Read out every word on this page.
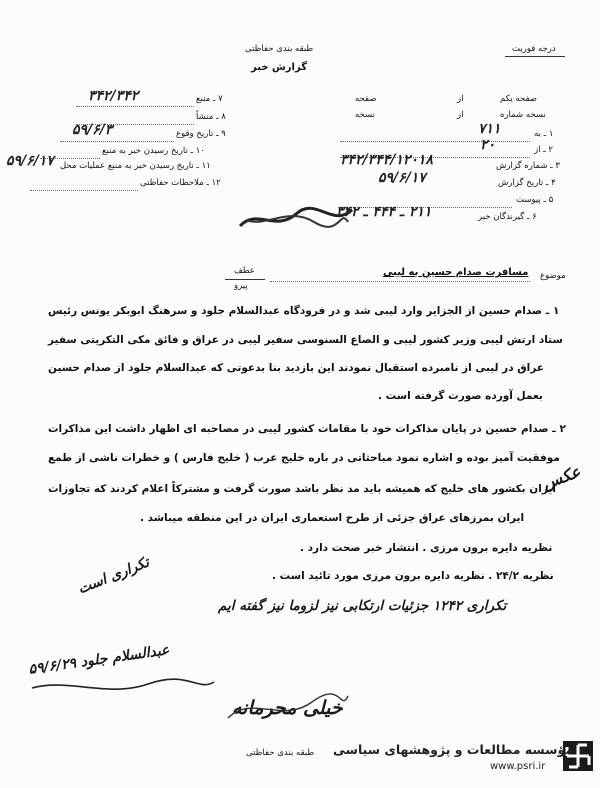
طبقه بندی حفاظتی
گزارش خبر
درجه فوریت
۷ ـ منبع
۳۴۲/۳۴۲
۸ ـ منشأ
۹ ـ تاریخ وقوع
۵۹/۶/۳
۱۰ ـ تاریخ رسیدن خبر به منبع
۱۱ ـ تاریخ رسیدن خبر به منبع عملیات محل
۵۹/۶/۱۷
۱۲ ـ ملاحظات حفاظتی
صفحه یکم
از
صفحه
نسخه شماره
از
نسخه
۱ ـ به
۷۱۱
۲ ـ از
۲۰
۳ ـ شماره گزارش
۳۴۲/۳۴۴/۱۲۰۱۸
۴ ـ تاریخ گزارش
۵۹/۶/۱۷
۵ ـ پیوست
۶ ـ گیرندگان خبر
۲۱۱ ـ ۴۴۴ ـ ۳۴۲
عطف
پیرو
موضوع
مسافرت صدام حسین به لیبی
۱ ـ صدام حسین از الجزایر وارد لیبی شد و در فرودگاه عبدالسلام جلود و سرهنگ ابوبکر یونس رئیس
ستاد ارتش لیبی وزیر کشور لیبی و الصاع السنوسی سفیر لیبی در عراق و فائق مکی التکریتی سفیر
عراق در لیبی از نامبرده استقبال نمودند این بازدید بنا بدعوتی که عبدالسلام جلود از صدام حسین
بعمل آورده صورت گرفته است .
۲ ـ صدام حسین در پایان مذاکرات خود با مقامات کشور لیبی در مصاحبه ای اظهار داشت این مذاکرات
موفقیت آمیز بوده و اشاره نمود مباحثاتی در باره خلیج عرب ( خلیج فارس ) و خطرات ناشی از طمع
ایران بکشور های خلیج که همیشه باید مد نظر باشد صورت گرفت و مشترکاً اعلام کردند که تجاوزات
ایران بمرزهای عراق جزئی از طرح استعماری ایران در این منطقه میباشد .
عکس
نظریه دایره برون مرزی . انتشار خبر صحت دارد .
نظریه ۲۴/۲ . نظریه دایره برون مرزی مورد تائید است .
تکراری ۱۲۴۲ جزئیات ارتکابی نیز لزوما نیز گفته ایم
تکراری است
عبدالسلام جلود ۵۹/۶/۲۹
خیلی محرمانه
طبقه بندی حفاظتی مؤسسه مطالعات و پژوهشهای سیاسی
www.psri.ir
